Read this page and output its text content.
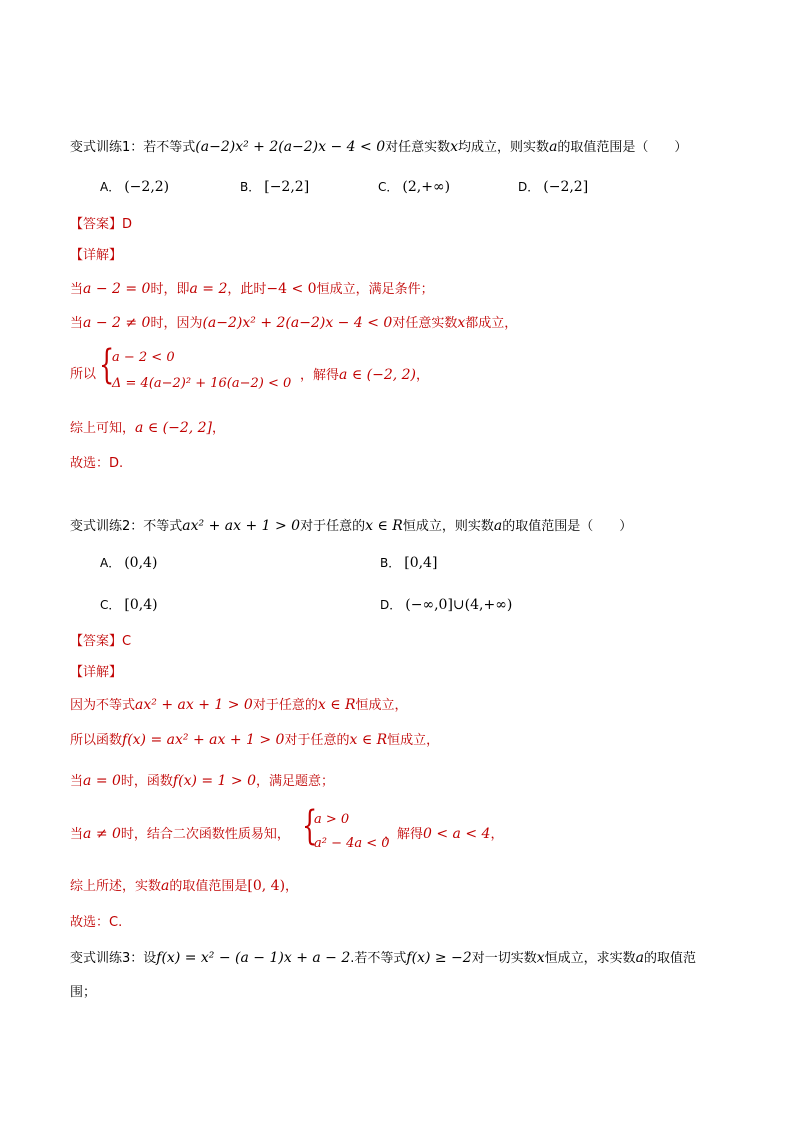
变式训练1：若不等式(a−2)x² + 2(a−2)x − 4 < 0对任意实数x均成立，则实数a的取值范围是（　　）
A． (−2,2)	B． [−2,2]	C． (2,+∞)	D． (−2,2]
【答案】D
【详解】
当a − 2 = 0时，即a = 2，此时−4 < 0恒成立，满足条件；
当a − 2 ≠ 0时，因为(a−2)x² + 2(a−2)x − 4 < 0对任意实数x都成立，
所以 {
a − 2 < 0
Δ = 4(a−2)² + 16(a−2) < 0
，解得a ∈ (−2, 2)，
综上可知，a ∈ (−2, 2]，
故选：D.
变式训练2：不等式ax² + ax + 1 > 0对于任意的x ∈ R恒成立，则实数a的取值范围是（　　）
A． (0,4)	B． [0,4]
C． [0,4)	D． (−∞,0]∪(4,+∞)
【答案】C
【详解】
因为不等式ax² + ax + 1 > 0对于任意的x ∈ R恒成立，
所以函数f(x) = ax² + ax + 1 > 0对于任意的x ∈ R恒成立，
当a = 0时，函数f(x) = 1 > 0，满足题意；
当a ≠ 0时，结合二次函数性质易知， {
a > 0
a² − 4a < 0
，解得0 < a < 4，
综上所述，实数a的取值范围是[0, 4)，
故选：C.
变式训练3：设f(x) = x² − (a − 1)x + a − 2.若不等式f(x) ≥ −2对一切实数x恒成立，求实数a的取值范
围；
